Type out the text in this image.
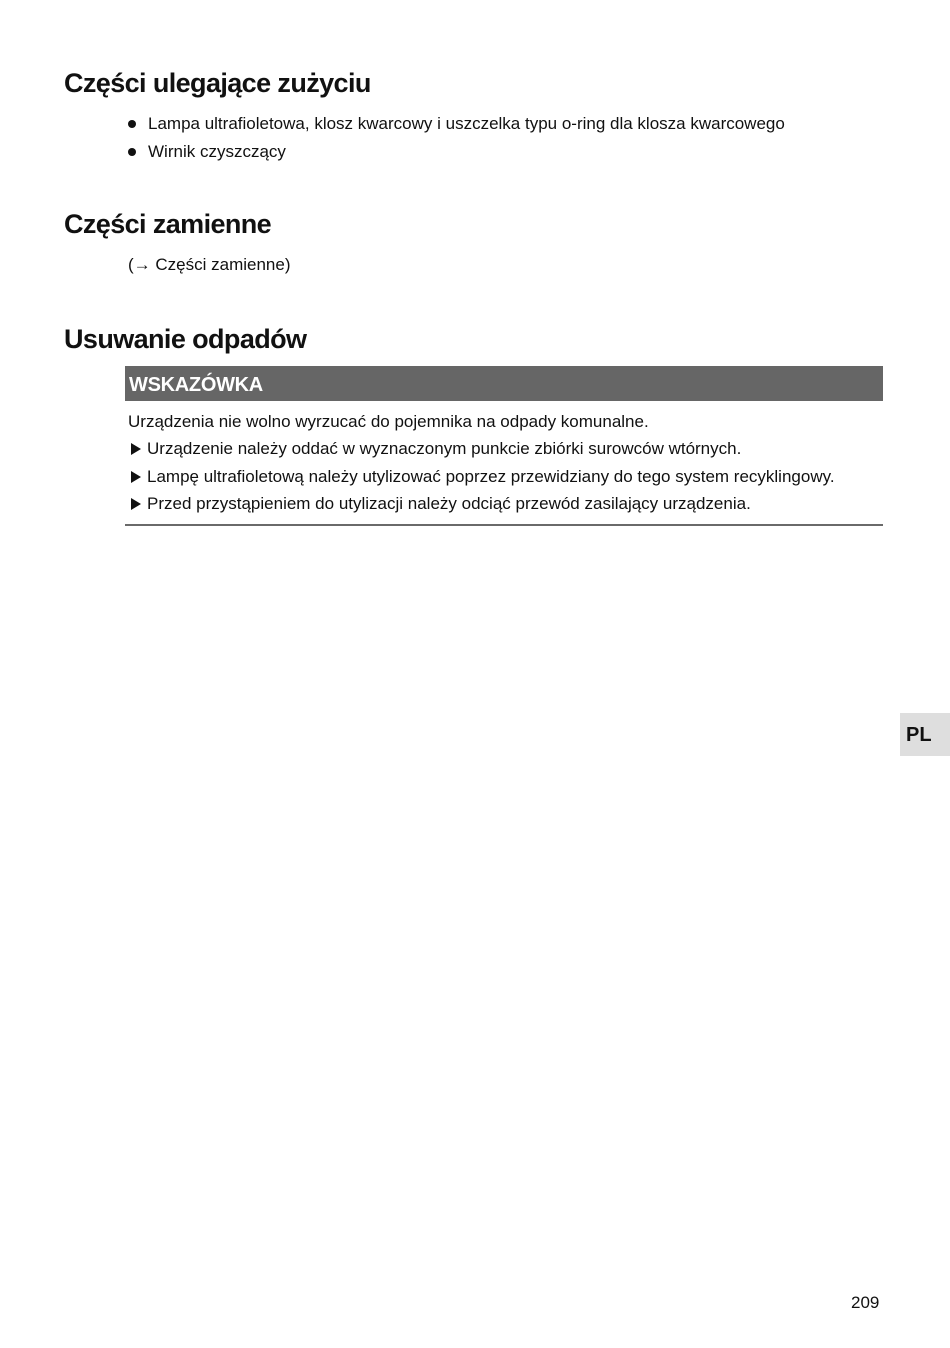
Części ulegające zużyciu
Lampa ultrafioletowa, klosz kwarcowy i uszczelka typu o-ring dla klosza kwarcowego
Wirnik czyszczący
Części zamienne
(→ Części zamienne)
Usuwanie odpadów
WSKAZÓWKA
Urządzenia nie wolno wyrzucać do pojemnika na odpady komunalne.
Urządzenie należy oddać w wyznaczonym punkcie zbiórki surowców wtórnych.
Lampę ultrafioletową należy utylizować poprzez przewidziany do tego system recyklingowy.
Przed przystąpieniem do utylizacji należy odciąć przewód zasilający urządzenia.
PL
209
